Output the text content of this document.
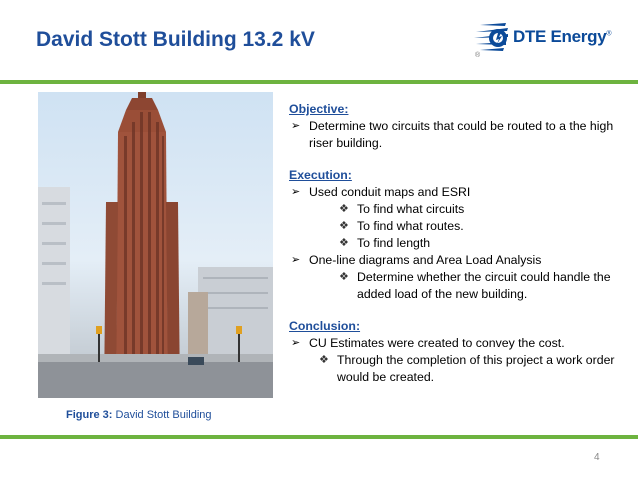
David Stott Building 13.2 kV	DTE Energy®
®
Figure 3: David Stott Building
Objective:
➢ Determine two circuits that could be routed to a the high riser building.
Execution:
➢ Used conduit maps and ESRI
❖ To find what circuits
❖ To find what routes.
❖ To find length
➢ One-line diagrams and Area Load Analysis
❖ Determine whether the circuit could handle the added load of the new building.
Conclusion:
➢ CU Estimates were created to convey the cost.
❖ Through the completion of this project a work order would be created.
4
